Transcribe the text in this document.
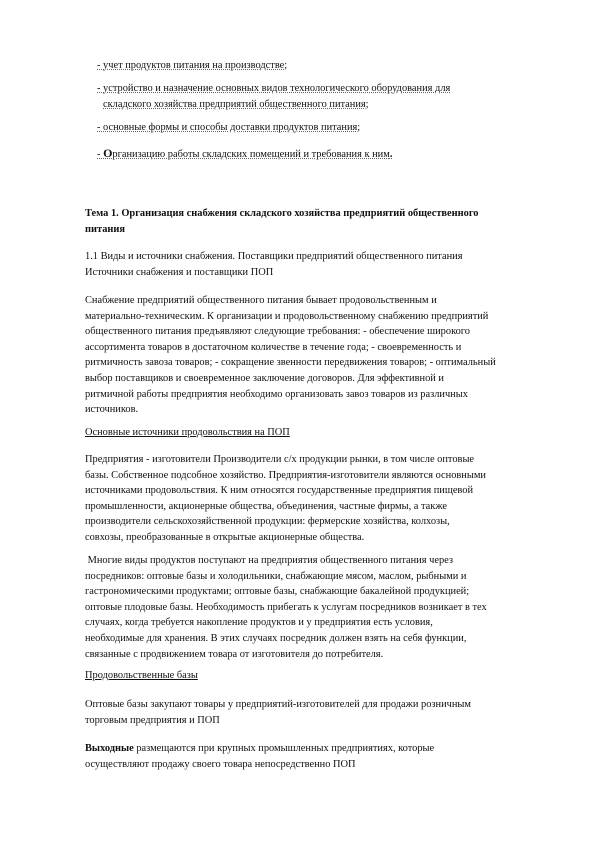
- учет продуктов питания на производстве;

- устройство и назначение основных видов технологического оборудования для

складского хозяйства предприятий общественного питания;

- основные формы и способы доставки продуктов питания;

- Организацию работы складских помещений и требования к ним.

Тема 1. Организация снабжения складского хозяйства предприятий общественного

питания

1.1 Виды и источники снабжения. Поставщики предприятий общественного питания

Источники снабжения и поставщики ПОП

Снабжение предприятий общественного питания бывает продовольственным и

материально-техническим. К организации и продовольственному снабжению предприятий

общественного питания предъявляют следующие требования: - обеспечение широкого

ассортимента товаров в достаточном количестве в течение года; - своевременность и

ритмичность завоза товаров; - сокращение звенности передвижения товаров; - оптимальный

выбор поставщиков и своевременное заключение договоров. Для эффективной и

ритмичной работы предприятия необходимо организовать завоз товаров из различных

источников.

Основные источники продовольствия на ПОП

Предприятия - изготовители Производители с/х продукции рынки, в том числе оптовые

базы. Собственное подсобное хозяйство. Предприятия-изготовители являются основными

источниками продовольствия. К ним относятся государственные предприятия пищевой

промышленности, акционерные общества, объединения, частные фирмы, а также

производители сельскохозяйственной продукции: фермерские хозяйства, колхозы,

совхозы, преобразованные в открытые акционерные общества.

Многие виды продуктов поступают на предприятия общественного питания через

посредников: оптовые базы и холодильники, снабжающие мясом, маслом, рыбными и

гастрономическими продуктами; оптовые базы, снабжающие бакалейной продукцией;

оптовые плодовые базы. Необходимость прибегать к услугам посредников возникает в тех

случаях, когда требуется накопление продуктов и у предприятия есть условия,

необходимые для хранения. В этих случаях посредник должен взять на себя функции,

связанные с продвижением товара от изготовителя до потребителя.

Продовольственные базы

Оптовые базы закупают товары у предприятий-изготовителей для продажи розничным

торговым предприятия и ПОП

Выходные размещаются при крупных промышленных предприятиях, которые

осуществляют продажу своего товара непосредственно ПОП
